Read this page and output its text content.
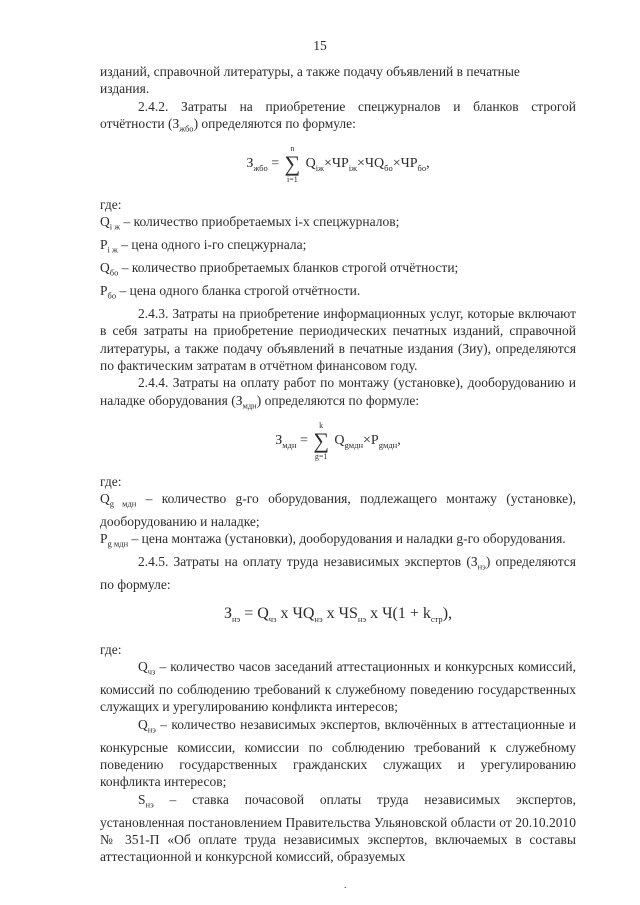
15

изданий, справочной литературы, а также подачу объявлений в печатные

издания.

2.4.2. Затраты на приобретение спецжурналов и бланков строгой отчётности $(З_{жбо})$ определяются по формуле:

$З_{жбо} = n$
∑
i=1 $Q_{iж}\times ЧP_{iж}\times ЧQ_{бо}\times ЧP_{бо}$,

где:

$Q_{i ж}$ – количество приобретаемых i-х спецжурналов;

$P_{i ж}$ – цена одного i-го спецжурнала;

$Q_{бо}$ – количество приобретаемых бланков строгой отчётности;

$P_{бо}$ – цена одного бланка строгой отчётности.

2.4.3. Затраты на приобретение информационных услуг, которые включают в себя затраты на приобретение периодических печатных изданий, справочной литературы, а также подачу объявлений в печатные издания (Зиу), определяются по фактическим затратам в отчётном финансовом году.

2.4.4. Затраты на оплату работ по монтажу (установке), дооборудованию и наладке оборудования $(З_{мдн})$ определяются по формуле:

$З_{мдн} = k$
∑
g=1 $Q_{gмдн}\times P_{gмдн}$,

где:

$Q_{g мдн}$ – количество g-го оборудования, подлежащего монтажу (установке), дооборудованию и наладке;

$P_{g мдн}$ – цена монтажа (установки), дооборудования и наладки g-го оборудования.

2.4.5. Затраты на оплату труда независимых экспертов $(З_{нэ})$ определяются по формуле:

$З_{нэ} = Q_{чз}$ х $ЧQ_{нэ}$ х $ЧS_{нэ}$ х $Ч(1 + k_{стр})$,

где:

$Q_{чз}$ – количество часов заседаний аттестационных и конкурсных комиссий, комиссий по соблюдению требований к служебному поведению государственных служащих и урегулированию конфликта интересов;

$Q_{нэ}$ – количество независимых экспертов, включённых в аттестационные и конкурсные комиссии, комиссии по соблюдению требований к служебному поведению государственных гражданских служащих и урегулированию конфликта интересов;

$S_{нэ}$ – ставка почасовой оплаты труда независимых экспертов, установленная постановлением Правительства Ульяновской области от 20.10.2010 № 351-П «Об оплате труда независимых экспертов, включаемых в составы аттестационной и конкурсной комиссий, образуемых

.
